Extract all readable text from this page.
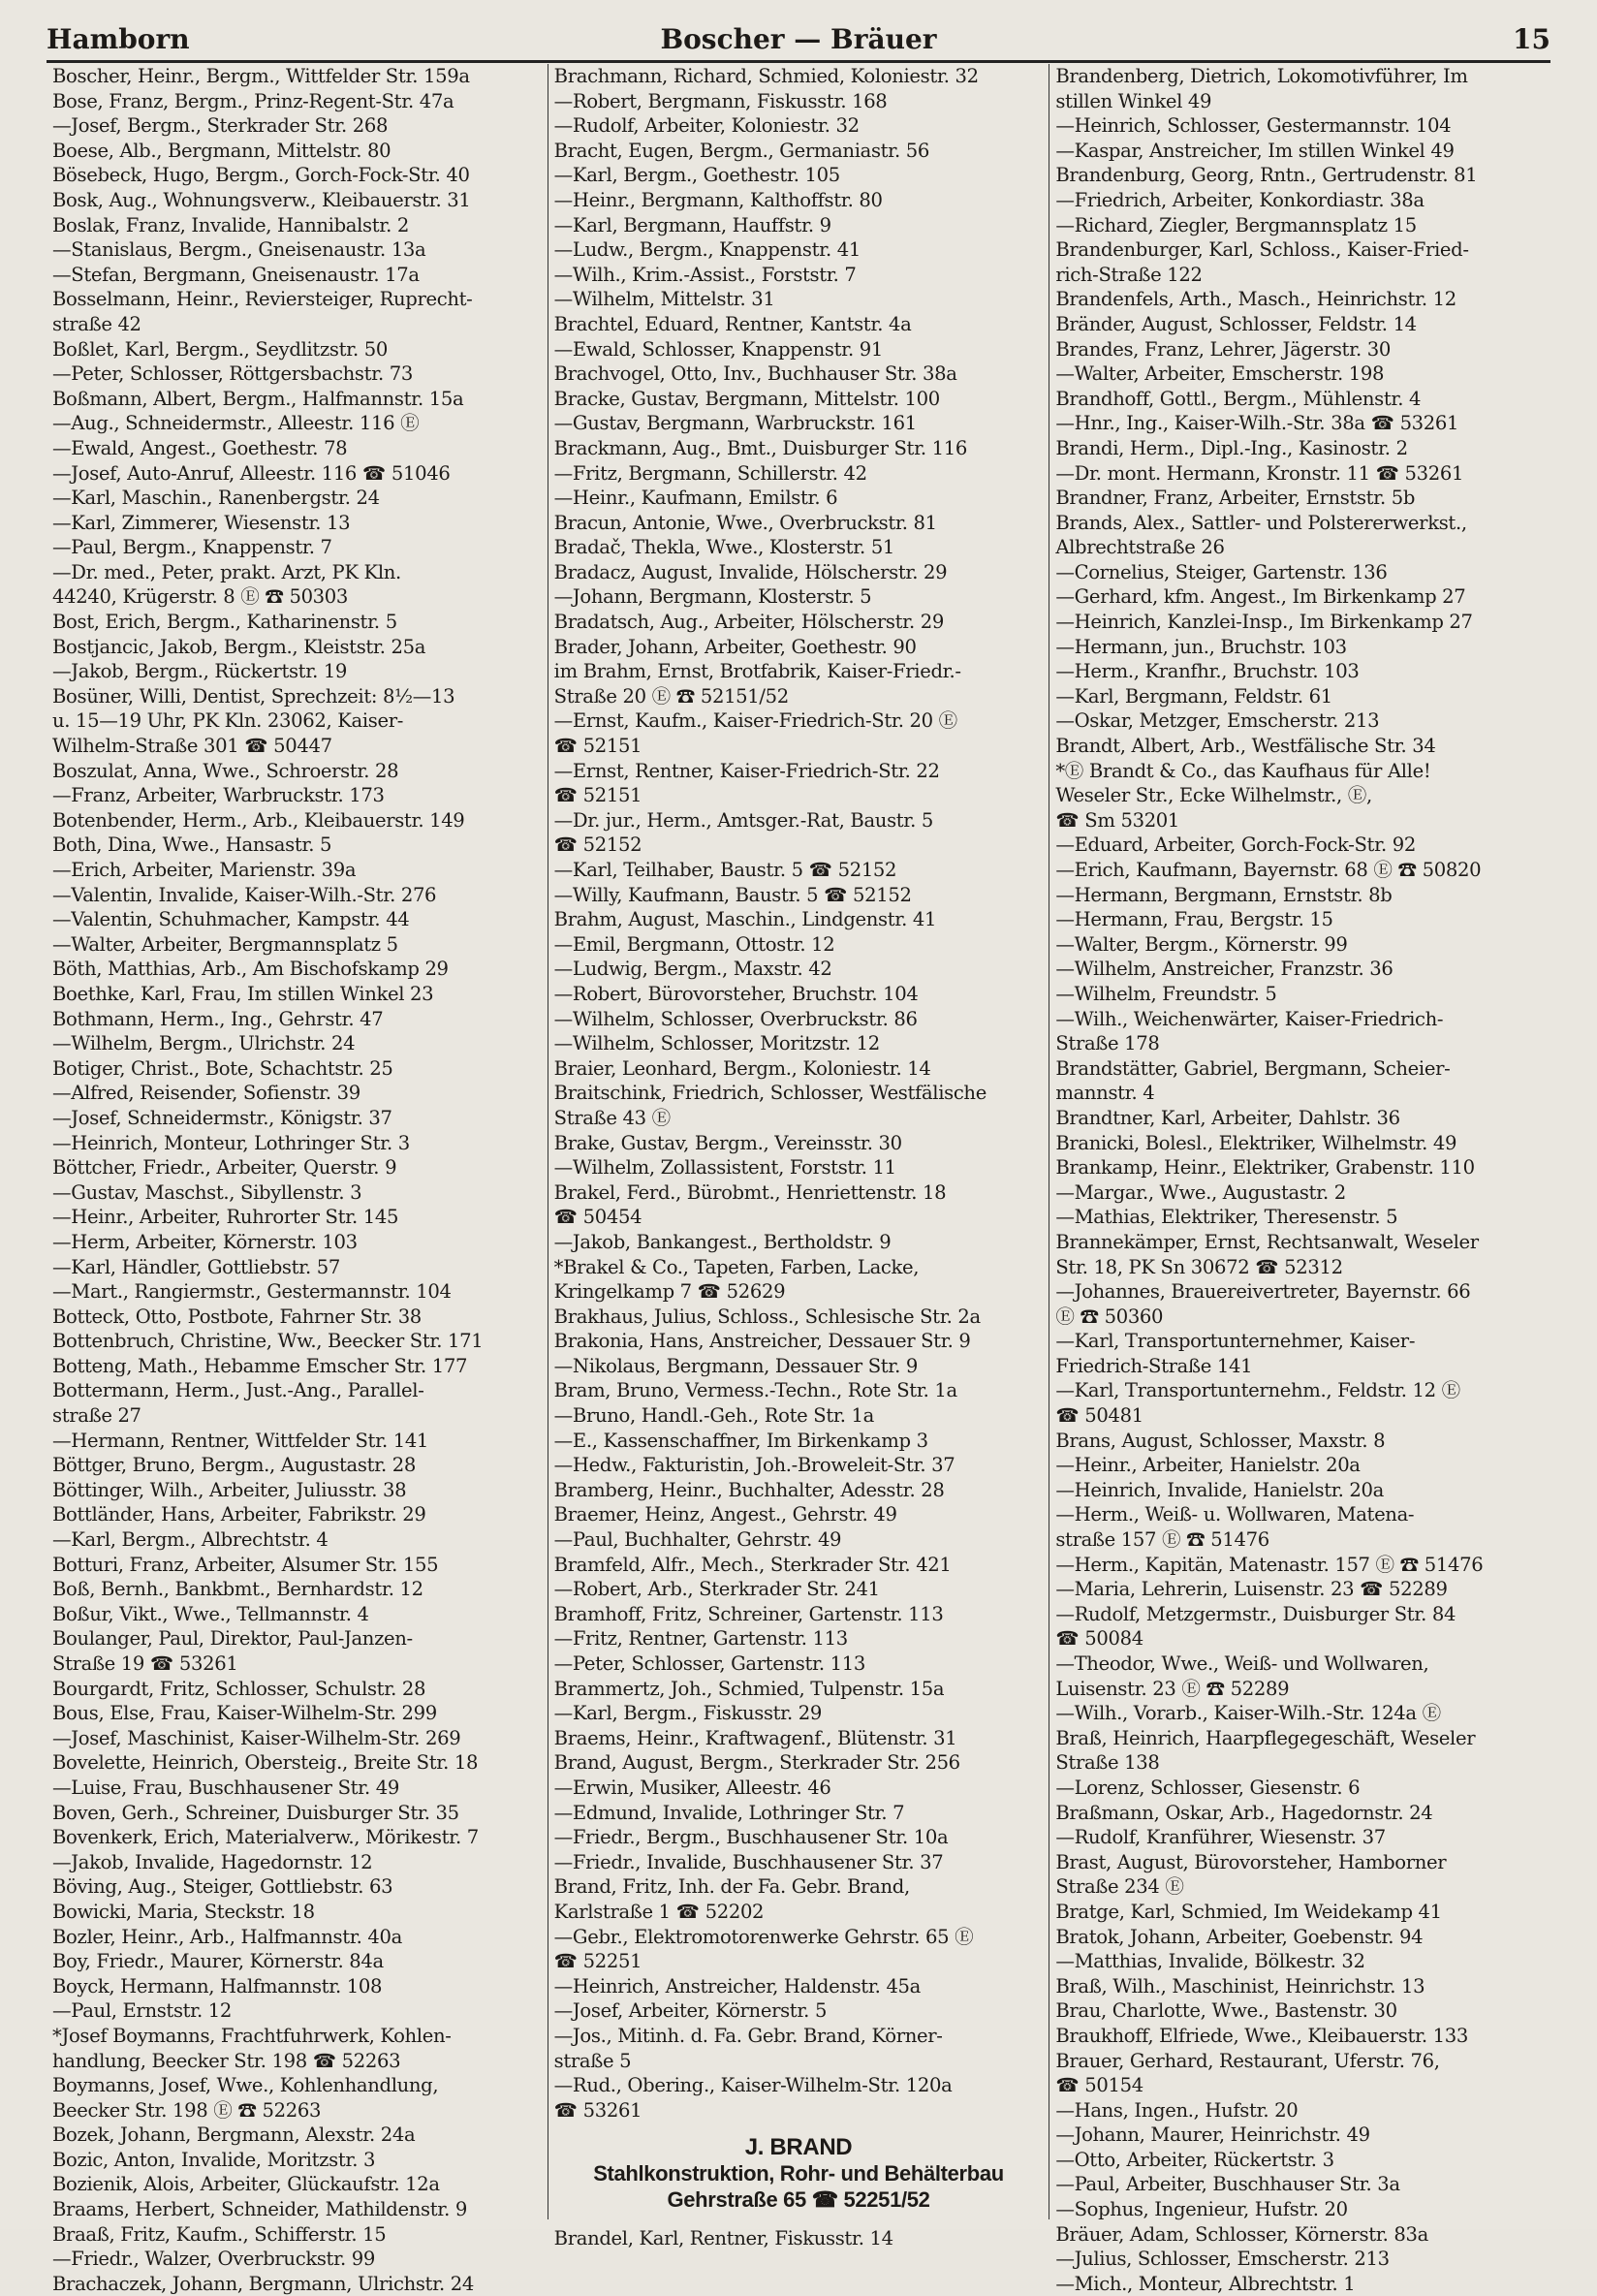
Hamborn	Boscher — Bräuer	15
Boscher, Heinr., Bergm., Wittfelder Str. 159a
Bose, Franz, Bergm., Prinz-Regent-Str. 47a
—Josef, Bergm., Sterkrader Str. 268
Boese, Alb., Bergmann, Mittelstr. 80
Bösebeck, Hugo, Bergm., Gorch-Fock-Str. 40
Bosk, Aug., Wohnungsverw., Kleibauerstr. 31
Boslak, Franz, Invalide, Hannibalstr. 2
—Stanislaus, Bergm., Gneisenaustr. 13a
—Stefan, Bergmann, Gneisenaustr. 17a
Bosselmann, Heinr., Reviersteiger, Ruprecht-
straße 42
Boßlet, Karl, Bergm., Seydlitzstr. 50
—Peter, Schlosser, Röttgersbachstr. 73
Boßmann, Albert, Bergm., Halfmannstr. 15a
—Aug., Schneidermstr., Alleestr. 116 Ⓔ
—Ewald, Angest., Goethestr. 78
—Josef, Auto-Anruf, Alleestr. 116 ☎ 51046
—Karl, Maschin., Ranenbergstr. 24
—Karl, Zimmerer, Wiesenstr. 13
—Paul, Bergm., Knappenstr. 7
—Dr. med., Peter, prakt. Arzt, PK Kln.
44240, Krügerstr. 8 Ⓔ ☎ 50303
Bost, Erich, Bergm., Katharinenstr. 5
Bostjancic, Jakob, Bergm., Kleiststr. 25a
—Jakob, Bergm., Rückertstr. 19
Bosüner, Willi, Dentist, Sprechzeit: 8½—13
u. 15—19 Uhr, PK Kln. 23062, Kaiser-
Wilhelm-Straße 301 ☎ 50447
Boszulat, Anna, Wwe., Schroerstr. 28
—Franz, Arbeiter, Warbruckstr. 173
Botenbender, Herm., Arb., Kleibauerstr. 149
Both, Dina, Wwe., Hansastr. 5
—Erich, Arbeiter, Marienstr. 39a
—Valentin, Invalide, Kaiser-Wilh.-Str. 276
—Valentin, Schuhmacher, Kampstr. 44
—Walter, Arbeiter, Bergmannsplatz 5
Böth, Matthias, Arb., Am Bischofskamp 29
Boethke, Karl, Frau, Im stillen Winkel 23
Bothmann, Herm., Ing., Gehrstr. 47
—Wilhelm, Bergm., Ulrichstr. 24
Botiger, Christ., Bote, Schachtstr. 25
—Alfred, Reisender, Sofienstr. 39
—Josef, Schneidermstr., Königstr. 37
—Heinrich, Monteur, Lothringer Str. 3
Böttcher, Friedr., Arbeiter, Querstr. 9
—Gustav, Maschst., Sibyllenstr. 3
—Heinr., Arbeiter, Ruhrorter Str. 145
—Herm, Arbeiter, Körnerstr. 103
—Karl, Händler, Gottliebstr. 57
—Mart., Rangiermstr., Gestermannstr. 104
Botteck, Otto, Postbote, Fahrner Str. 38
Bottenbruch, Christine, Ww., Beecker Str. 171
Botteng, Math., Hebamme Emscher Str. 177
Bottermann, Herm., Just.-Ang., Parallel-
straße 27
—Hermann, Rentner, Wittfelder Str. 141
Böttger, Bruno, Bergm., Augustastr. 28
Böttinger, Wilh., Arbeiter, Juliusstr. 38
Bottländer, Hans, Arbeiter, Fabrikstr. 29
—Karl, Bergm., Albrechtstr. 4
Botturi, Franz, Arbeiter, Alsumer Str. 155
Boß, Bernh., Bankbmt., Bernhardstr. 12
Boßur, Vikt., Wwe., Tellmannstr. 4
Boulanger, Paul, Direktor, Paul-Janzen-
Straße 19 ☎ 53261
Bourgardt, Fritz, Schlosser, Schulstr. 28
Bous, Else, Frau, Kaiser-Wilhelm-Str. 299
—Josef, Maschinist, Kaiser-Wilhelm-Str. 269
Bovelette, Heinrich, Obersteig., Breite Str. 18
—Luise, Frau, Buschhausener Str. 49
Boven, Gerh., Schreiner, Duisburger Str. 35
Bovenkerk, Erich, Materialverw., Mörikestr. 7
—Jakob, Invalide, Hagedornstr. 12
Böving, Aug., Steiger, Gottliebstr. 63
Bowicki, Maria, Steckstr. 18
Bozler, Heinr., Arb., Halfmannstr. 40a
Boy, Friedr., Maurer, Körnerstr. 84a
Boyck, Hermann, Halfmannstr. 108
—Paul, Ernststr. 12
*Josef Boymanns, Frachtfuhrwerk, Kohlen-
handlung, Beecker Str. 198 ☎ 52263
Boymanns, Josef, Wwe., Kohlenhandlung,
Beecker Str. 198 Ⓔ ☎ 52263
Bozek, Johann, Bergmann, Alexstr. 24a
Bozic, Anton, Invalide, Moritzstr. 3
Bozienik, Alois, Arbeiter, Glückaufstr. 12a
Braams, Herbert, Schneider, Mathildenstr. 9
Braaß, Fritz, Kaufm., Schifferstr. 15
—Friedr., Walzer, Overbruckstr. 99
Brachaczek, Johann, Bergmann, Ulrichstr. 24
Brachmann, Richard, Schmied, Koloniestr. 32
—Robert, Bergmann, Fiskusstr. 168
—Rudolf, Arbeiter, Koloniestr. 32
Bracht, Eugen, Bergm., Germaniastr. 56
—Karl, Bergm., Goethestr. 105
—Heinr., Bergmann, Kalthoffstr. 80
—Karl, Bergmann, Hauffstr. 9
—Ludw., Bergm., Knappenstr. 41
—Wilh., Krim.-Assist., Forststr. 7
—Wilhelm, Mittelstr. 31
Brachtel, Eduard, Rentner, Kantstr. 4a
—Ewald, Schlosser, Knappenstr. 91
Brachvogel, Otto, Inv., Buchhauser Str. 38a
Bracke, Gustav, Bergmann, Mittelstr. 100
—Gustav, Bergmann, Warbruckstr. 161
Brackmann, Aug., Bmt., Duisburger Str. 116
—Fritz, Bergmann, Schillerstr. 42
—Heinr., Kaufmann, Emilstr. 6
Bracun, Antonie, Wwe., Overbruckstr. 81
Bradač, Thekla, Wwe., Klosterstr. 51
Bradacz, August, Invalide, Hölscherstr. 29
—Johann, Bergmann, Klosterstr. 5
Bradatsch, Aug., Arbeiter, Hölscherstr. 29
Brader, Johann, Arbeiter, Goethestr. 90
im Brahm, Ernst, Brotfabrik, Kaiser-Friedr.-
Straße 20 Ⓔ ☎ 52151/52
—Ernst, Kaufm., Kaiser-Friedrich-Str. 20 Ⓔ
☎ 52151
—Ernst, Rentner, Kaiser-Friedrich-Str. 22
☎ 52151
—Dr. jur., Herm., Amtsger.-Rat, Baustr. 5
☎ 52152
—Karl, Teilhaber, Baustr. 5 ☎ 52152
—Willy, Kaufmann, Baustr. 5 ☎ 52152
Brahm, August, Maschin., Lindgenstr. 41
—Emil, Bergmann, Ottostr. 12
—Ludwig, Bergm., Maxstr. 42
—Robert, Bürovorsteher, Bruchstr. 104
—Wilhelm, Schlosser, Overbruckstr. 86
—Wilhelm, Schlosser, Moritzstr. 12
Braier, Leonhard, Bergm., Koloniestr. 14
Braitschink, Friedrich, Schlosser, Westfälische
Straße 43 Ⓔ
Brake, Gustav, Bergm., Vereinsstr. 30
—Wilhelm, Zollassistent, Forststr. 11
Brakel, Ferd., Bürobmt., Henriettenstr. 18
☎ 50454
—Jakob, Bankangest., Bertholdstr. 9
*Brakel & Co., Tapeten, Farben, Lacke,
Kringelkamp 7 ☎ 52629
Brakhaus, Julius, Schloss., Schlesische Str. 2a
Brakonia, Hans, Anstreicher, Dessauer Str. 9
—Nikolaus, Bergmann, Dessauer Str. 9
Bram, Bruno, Vermess.-Techn., Rote Str. 1a
—Bruno, Handl.-Geh., Rote Str. 1a
—E., Kassenschaffner, Im Birkenkamp 3
—Hedw., Fakturistin, Joh.-Broweleit-Str. 37
Bramberg, Heinr., Buchhalter, Adesstr. 28
Braemer, Heinz, Angest., Gehrstr. 49
—Paul, Buchhalter, Gehrstr. 49
Bramfeld, Alfr., Mech., Sterkrader Str. 421
—Robert, Arb., Sterkrader Str. 241
Bramhoff, Fritz, Schreiner, Gartenstr. 113
—Fritz, Rentner, Gartenstr. 113
—Peter, Schlosser, Gartenstr. 113
Brammertz, Joh., Schmied, Tulpenstr. 15a
—Karl, Bergm., Fiskusstr. 29
Braems, Heinr., Kraftwagenf., Blütenstr. 31
Brand, August, Bergm., Sterkrader Str. 256
—Erwin, Musiker, Alleestr. 46
—Edmund, Invalide, Lothringer Str. 7
—Friedr., Bergm., Buschhausener Str. 10a
—Friedr., Invalide, Buschhausener Str. 37
Brand, Fritz, Inh. der Fa. Gebr. Brand,
Karlstraße 1 ☎ 52202
—Gebr., Elektromotorenwerke Gehrstr. 65 Ⓔ
☎ 52251
—Heinrich, Anstreicher, Haldenstr. 45a
—Josef, Arbeiter, Körnerstr. 5
—Jos., Mitinh. d. Fa. Gebr. Brand, Körner-
straße 5
—Rud., Obering., Kaiser-Wilhelm-Str. 120a
☎ 53261
J. BRAND
Stahlkonstruktion, Rohr- und Behälterbau
Gehrstraße 65 ☎ 52251/52
Brandel, Karl, Rentner, Fiskusstr. 14
Brandenberg, Dietrich, Lokomotivführer, Im
stillen Winkel 49
—Heinrich, Schlosser, Gestermannstr. 104
—Kaspar, Anstreicher, Im stillen Winkel 49
Brandenburg, Georg, Rntn., Gertrudenstr. 81
—Friedrich, Arbeiter, Konkordiastr. 38a
—Richard, Ziegler, Bergmannsplatz 15
Brandenburger, Karl, Schloss., Kaiser-Fried-
rich-Straße 122
Brandenfels, Arth., Masch., Heinrichstr. 12
Bränder, August, Schlosser, Feldstr. 14
Brandes, Franz, Lehrer, Jägerstr. 30
—Walter, Arbeiter, Emscherstr. 198
Brandhoff, Gottl., Bergm., Mühlenstr. 4
—Hnr., Ing., Kaiser-Wilh.-Str. 38a ☎ 53261
Brandi, Herm., Dipl.-Ing., Kasinostr. 2
—Dr. mont. Hermann, Kronstr. 11 ☎ 53261
Brandner, Franz, Arbeiter, Ernststr. 5b
Brands, Alex., Sattler- und Polstererwerkst.,
Albrechtstraße 26
—Cornelius, Steiger, Gartenstr. 136
—Gerhard, kfm. Angest., Im Birkenkamp 27
—Heinrich, Kanzlei-Insp., Im Birkenkamp 27
—Hermann, jun., Bruchstr. 103
—Herm., Kranfhr., Bruchstr. 103
—Karl, Bergmann, Feldstr. 61
—Oskar, Metzger, Emscherstr. 213
Brandt, Albert, Arb., Westfälische Str. 34
*Ⓔ Brandt & Co., das Kaufhaus für Alle!
Weseler Str., Ecke Wilhelmstr., Ⓔ,
☎ Sm 53201
—Eduard, Arbeiter, Gorch-Fock-Str. 92
—Erich, Kaufmann, Bayernstr. 68 Ⓔ ☎ 50820
—Hermann, Bergmann, Ernststr. 8b
—Hermann, Frau, Bergstr. 15
—Walter, Bergm., Körnerstr. 99
—Wilhelm, Anstreicher, Franzstr. 36
—Wilhelm, Freundstr. 5
—Wilh., Weichenwärter, Kaiser-Friedrich-
Straße 178
Brandstätter, Gabriel, Bergmann, Scheier-
mannstr. 4
Brandtner, Karl, Arbeiter, Dahlstr. 36
Branicki, Bolesl., Elektriker, Wilhelmstr. 49
Brankamp, Heinr., Elektriker, Grabenstr. 110
—Margar., Wwe., Augustastr. 2
—Mathias, Elektriker, Theresenstr. 5
Brannekämper, Ernst, Rechtsanwalt, Weseler
Str. 18, PK Sn 30672 ☎ 52312
—Johannes, Brauereivertreter, Bayernstr. 66
Ⓔ ☎ 50360
—Karl, Transportunternehmer, Kaiser-
Friedrich-Straße 141
—Karl, Transportunternehm., Feldstr. 12 Ⓔ
☎ 50481
Brans, August, Schlosser, Maxstr. 8
—Heinr., Arbeiter, Hanielstr. 20a
—Heinrich, Invalide, Hanielstr. 20a
—Herm., Weiß- u. Wollwaren, Matena-
straße 157 Ⓔ ☎ 51476
—Herm., Kapitän, Matenastr. 157 Ⓔ ☎ 51476
—Maria, Lehrerin, Luisenstr. 23 ☎ 52289
—Rudolf, Metzgermstr., Duisburger Str. 84
☎ 50084
—Theodor, Wwe., Weiß- und Wollwaren,
Luisenstr. 23 Ⓔ ☎ 52289
—Wilh., Vorarb., Kaiser-Wilh.-Str. 124a Ⓔ
Braß, Heinrich, Haarpflegegeschäft, Weseler
Straße 138
—Lorenz, Schlosser, Giesenstr. 6
Braßmann, Oskar, Arb., Hagedornstr. 24
—Rudolf, Kranführer, Wiesenstr. 37
Brast, August, Bürovorsteher, Hamborner
Straße 234 Ⓔ
Bratge, Karl, Schmied, Im Weidekamp 41
Bratok, Johann, Arbeiter, Goebenstr. 94
—Matthias, Invalide, Bölkestr. 32
Braß, Wilh., Maschinist, Heinrichstr. 13
Brau, Charlotte, Wwe., Bastenstr. 30
Braukhoff, Elfriede, Wwe., Kleibauerstr. 133
Brauer, Gerhard, Restaurant, Uferstr. 76,
☎ 50154
—Hans, Ingen., Hufstr. 20
—Johann, Maurer, Heinrichstr. 49
—Otto, Arbeiter, Rückertstr. 3
—Paul, Arbeiter, Buschhauser Str. 3a
—Sophus, Ingenieur, Hufstr. 20
Bräuer, Adam, Schlosser, Körnerstr. 83a
—Julius, Schlosser, Emscherstr. 213
—Mich., Monteur, Albrechtstr. 1
